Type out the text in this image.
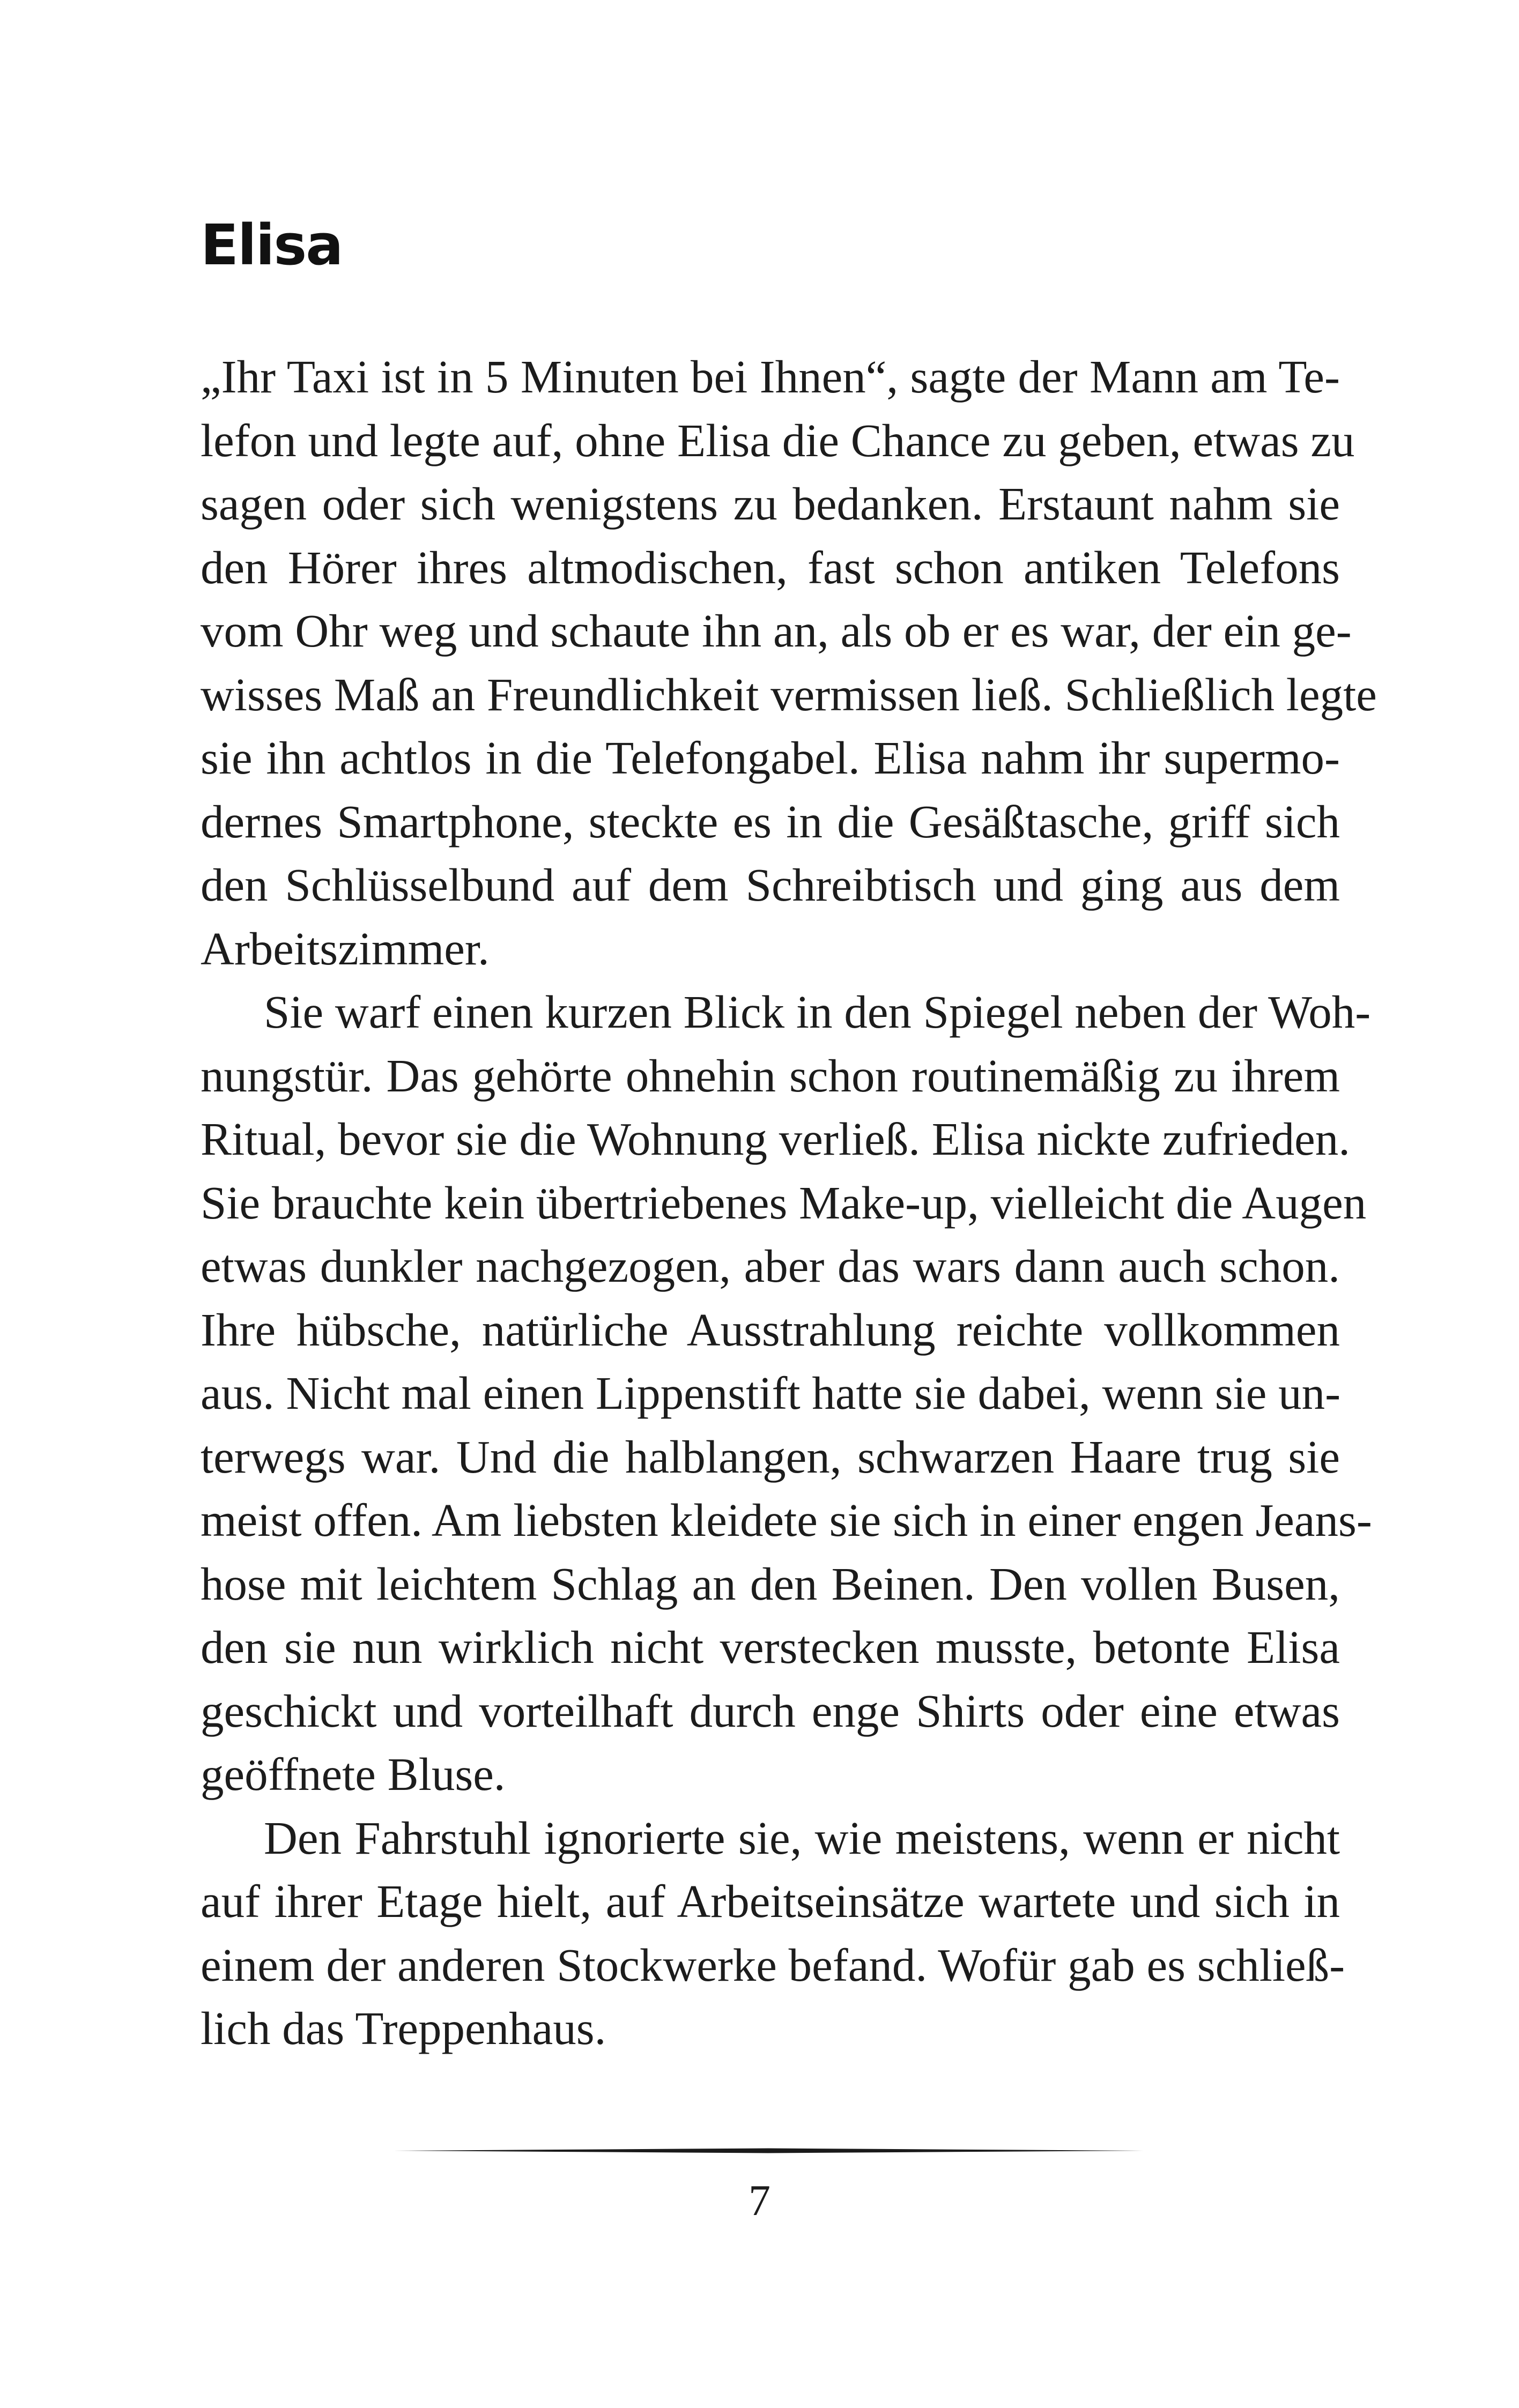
Elisa

„Ihr Taxi ist in 5 Minuten bei Ihnen“, sagte der Mann am Te-
lefon und legte auf, ohne Elisa die Chance zu geben, etwas zu
sagen oder sich wenigstens zu bedanken. Erstaunt nahm sie
den Hörer ihres altmodischen, fast schon antiken Telefons
vom Ohr weg und schaute ihn an, als ob er es war, der ein ge-
wisses Maß an Freundlichkeit vermissen ließ. Schließlich legte
sie ihn achtlos in die Telefongabel. Elisa nahm ihr supermo-
dernes Smartphone, steckte es in die Gesäßtasche, griff sich
den Schlüsselbund auf dem Schreibtisch und ging aus dem
Arbeitszimmer.

Sie warf einen kurzen Blick in den Spiegel neben der Woh-
nungstür. Das gehörte ohnehin schon routinemäßig zu ihrem
Ritual, bevor sie die Wohnung verließ. Elisa nickte zufrieden.
Sie brauchte kein übertriebenes Make-up, vielleicht die Augen
etwas dunkler nachgezogen, aber das wars dann auch schon.
Ihre hübsche, natürliche Ausstrahlung reichte vollkommen
aus. Nicht mal einen Lippenstift hatte sie dabei, wenn sie un-
terwegs war. Und die halblangen, schwarzen Haare trug sie
meist offen. Am liebsten kleidete sie sich in einer engen Jeans-
hose mit leichtem Schlag an den Beinen. Den vollen Busen,
den sie nun wirklich nicht verstecken musste, betonte Elisa
geschickt und vorteilhaft durch enge Shirts oder eine etwas
geöffnete Bluse.

Den Fahrstuhl ignorierte sie, wie meistens, wenn er nicht
auf ihrer Etage hielt, auf Arbeitseinsätze wartete und sich in
einem der anderen Stockwerke befand. Wofür gab es schließ-
lich das Treppenhaus.

7
